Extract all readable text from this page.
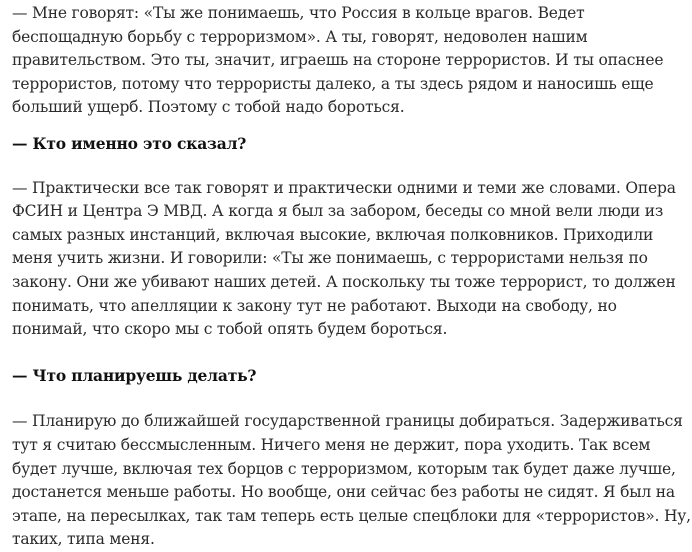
— Мне говорят: «Ты же понимаешь, что Россия в кольце врагов. Ведет
беспощадную борьбу с терроризмом». А ты, говорят, недоволен нашим
правительством. Это ты, значит, играешь на стороне террористов. И ты опаснее
террористов, потому что террористы далеко, а ты здесь рядом и наносишь еще
больший ущерб. Поэтому с тобой надо бороться.

— Кто именно это сказал?

— Практически все так говорят и практически одними и теми же словами. Опера
ФСИН и Центра Э МВД. А когда я был за забором, беседы со мной вели люди из
самых разных инстанций, включая высокие, включая полковников. Приходили
меня учить жизни. И говорили: «Ты же понимаешь, с террористами нельзя по
закону. Они же убивают наших детей. А поскольку ты тоже террорист, то должен
понимать, что апелляции к закону тут не работают. Выходи на свободу, но
понимай, что скоро мы с тобой опять будем бороться.

— Что планируешь делать?

— Планирую до ближайшей государственной границы добираться. Задерживаться
тут я считаю бессмысленным. Ничего меня не держит, пора уходить. Так всем
будет лучше, включая тех борцов с терроризмом, которым так будет даже лучше,
достанется меньше работы. Но вообще, они сейчас без работы не сидят. Я был на
этапе, на пересылках, так там теперь есть целые спецблоки для «террористов». Ну,
таких, типа меня.
